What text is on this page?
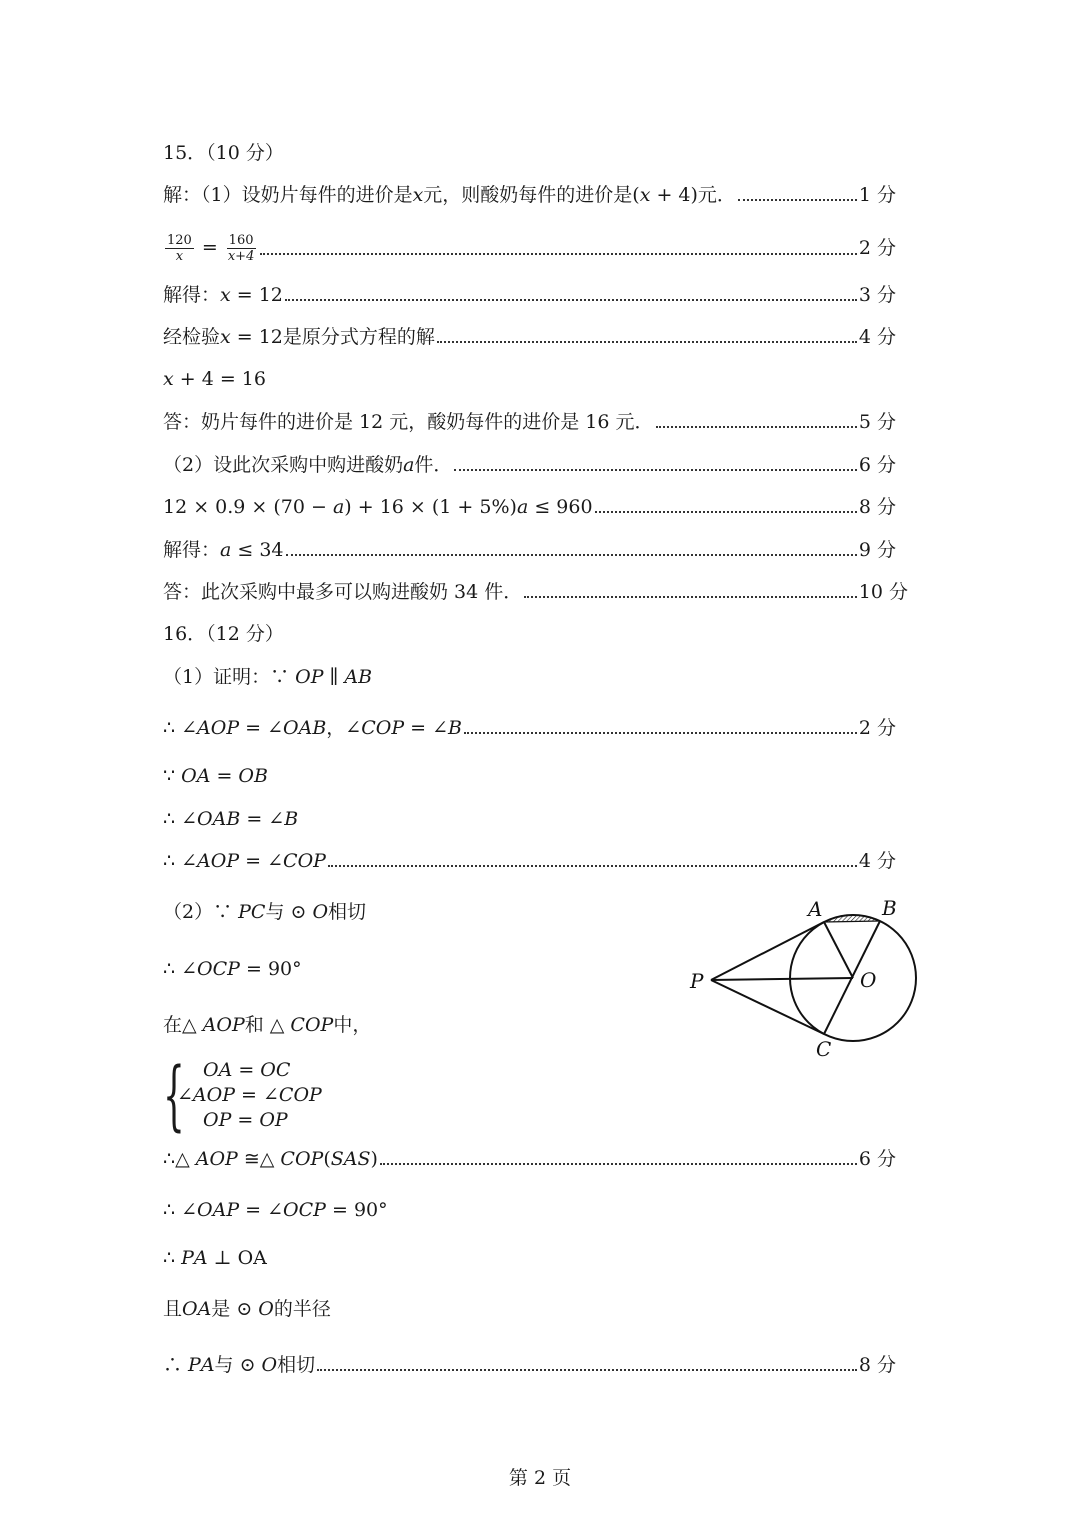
15．（10 分）
解：（1）设奶片每件的进价是𝑥元，则酸奶每件的进价是(𝑥 + 4)元．	1 分
$\frac{120}{x} = \frac{160}{x+4}$	2 分
解得：𝑥 = 12	3 分
经检验𝑥 = 12是原分式方程的解	4 分
𝑥 + 4 = 16
答：奶片每件的进价是 12 元，酸奶每件的进价是 16 元．	5 分
（2）设此次采购中购进酸奶𝑎件．	6 分
12 × 0.9 × (70 − 𝑎) + 16 × (1 + 5%)𝑎 ≤ 960	8 分
解得：𝑎 ≤ 34	9 分
答：此次采购中最多可以购进酸奶 34 件．	10 分
16．（12 分）
（1）证明：∵ 𝑂𝑃 ∥ 𝐴𝐵
∴ ∠𝐴𝑂𝑃 = ∠𝑂𝐴𝐵，∠𝐶𝑂𝑃 = ∠𝐵	2 分
∵ 𝑂𝐴 = 𝑂𝐵
∴ ∠𝑂𝐴𝐵 = ∠𝐵
∴ ∠𝐴𝑂𝑃 = ∠𝐶𝑂𝑃	4 分
（2）∵ 𝑃𝐶与 ⊙ 𝑂相切
∴ ∠𝑂𝐶𝑃 = 90°
在△ 𝐴𝑂𝑃和 △ 𝐶𝑂𝑃中，
{ OA = OC
∠AOP = ∠COP
OP = OP
∴△ 𝐴𝑂𝑃 ≅△ 𝐶𝑂𝑃(𝑆𝐴𝑆)	6 分
∴ ∠𝑂𝐴𝑃 = ∠𝑂𝐶𝑃 = 90°
∴ 𝑃𝐴 ⊥ OA
且𝑂𝐴是 ⊙ 𝑂的半径
∴ 𝑃𝐴与 ⊙ 𝑂相切	8 分
A	B
P	O
C
第 2 页
